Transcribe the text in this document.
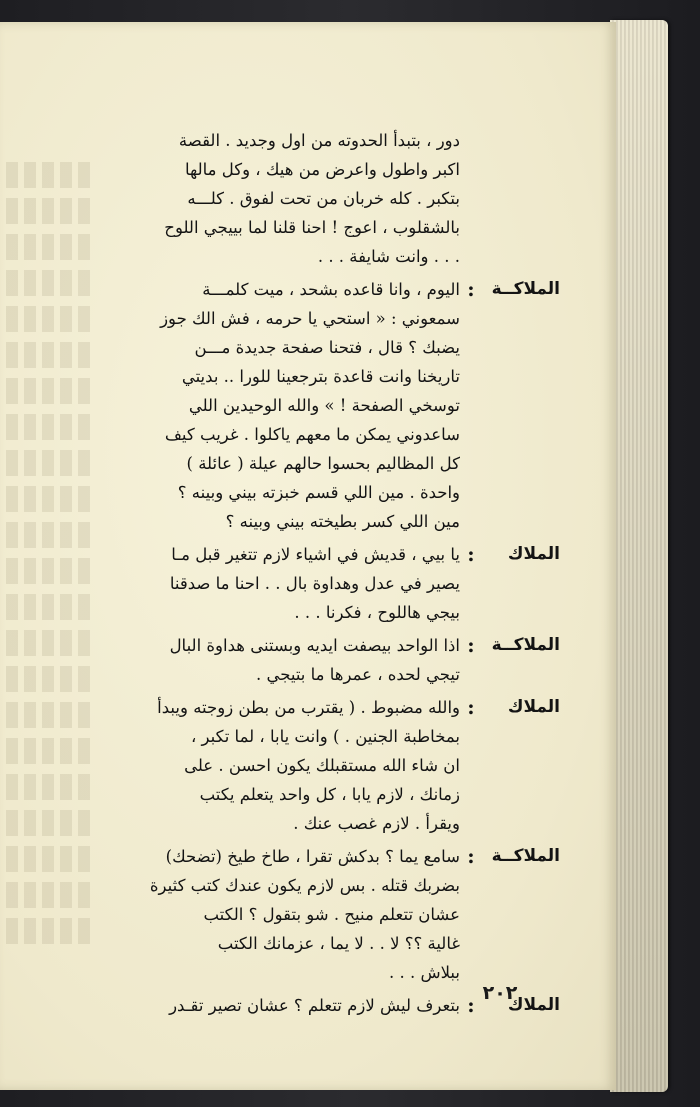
دور ، بتبدأ الحدوته من اول وجديد . القصة
اكبر واطول واعرض من هيك ، وكل مالها
بتكبر . كله خربان من تحت لفوق . كلـــه
بالشقلوب ، اعوج ! احنا قلنا لما بييجي اللوح
. . . وانت شايفة . . .
الملاكــة
:
اليوم ، وانا قاعده بشحد ، ميت كلمـــة
سمعوني : « استحي يا حرمه ، فش الك جوز
يضبك ؟ قال ، فتحنا صفحة جديدة مـــن
تاريخنا وانت قاعدة بترجعينا للورا .. بديتي
توسخي الصفحة ! » والله الوحيدين اللي
ساعدوني يمكن ما معهم ياكلوا . غريب كيف
كل المظاليم بحسوا حالهم عيلة ( عائلة )
واحدة . مين اللي قسم خبزته بيني وبينه ؟
مين اللي كسر بطيخته بيني وبينه ؟
الملاك
:
يا بيي ، قديش في اشياء لازم تتغير قبل مـا
يصير في عدل وهداوة بال . . احنا ما صدقنا
بيجي هاللوح ، فكرنا . . .
الملاكــة
:
اذا الواحد بيصفت ايديه وبستنى هداوة البال
تيجي لحده ، عمرها ما بتيجي .
الملاك
:
والله مضبوط . ( يقترب من بطن زوجته ويبدأ
بمخاطبة الجنين . ) وانت يابا ، لما تكبر ،
ان شاء الله مستقبلك يكون احسن . على
زمانك ، لازم يابا ، كل واحد يتعلم يكتب
ويقرأ . لازم غصب عنك .
الملاكــة
:
سامع يما ؟ بدكش تقرا ، طاخ طيخ (تضحك)
بضربك قتله . بس لازم يكون عندك كتب كثيرة
عشان تتعلم منيح . شو بتقول ؟ الكتب
غالية ؟؟ لا . . لا يما ، عزمانك الكتب
ببلاش . . .
الملاك
:
بتعرف ليش لازم تتعلم ؟ عشان تصير تقـدر
٢٠٢
